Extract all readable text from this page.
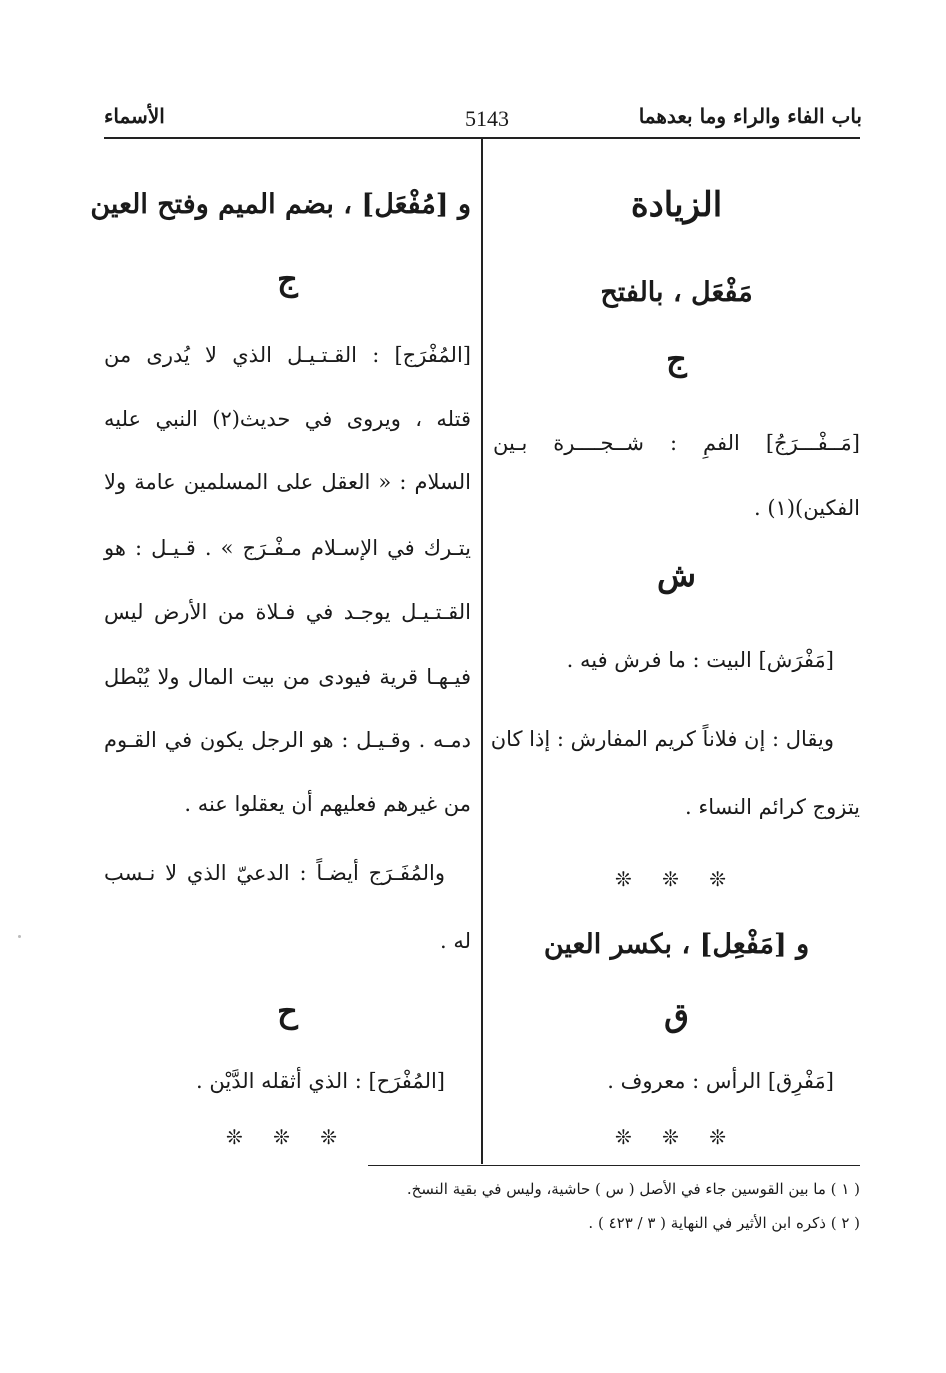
باب الفاء والراء وما بعدهما
5143
الأسماء
الزيادة
مَفْعَل ، بالفتح
ج
[مَــفْـــرَجُ] الفمِ : شــجــــرة بـين
الفكين)(١) .
ش
[مَفْرَش] البيت : ما فرش فيه .
ويقال : إن فلاناً كريم المفارش : إذا كان
يتزوج كرائم النساء .
❊ ❊ ❊
و [مَفْعِل] ، بكسر العين
ق
[مَفْرِق] الرأس : معروف .
❊ ❊ ❊
و [مُفْعَل] ، بضم الميم وفتح العين
ج
[المُفْرَج] : القـتـيـل الذي لا يُدرى من
قتله ، ويروى في حديث(٢) النبي عليه
السلام : « العقل على المسلمين عامة ولا
يتـرك في الإسـلام مـفْـرَج » . قـيـل : هو
القـتـيـل يوجـد في فـلاة من الأرض ليس
فيـهـا قرية فيودى من بيت المال ولا يُبْطل
دمـه . وقـيـل : هو الرجل يكون في القـوم
من غيرهم فعليهم أن يعقلوا عنه .
والمُفَـرَج أيضـاً : الدعيّ الذي لا نـسب
له .
ح
[المُفْرَح] : الذي أثقله الدَّيْن .
❊ ❊ ❊
( ١ ) ما بين القوسين جاء في الأصل ( س ) حاشية، وليس في بقية النسخ.
( ٢ ) ذكره ابن الأثير في النهاية ( ٣ / ٤٢٣ ) .
